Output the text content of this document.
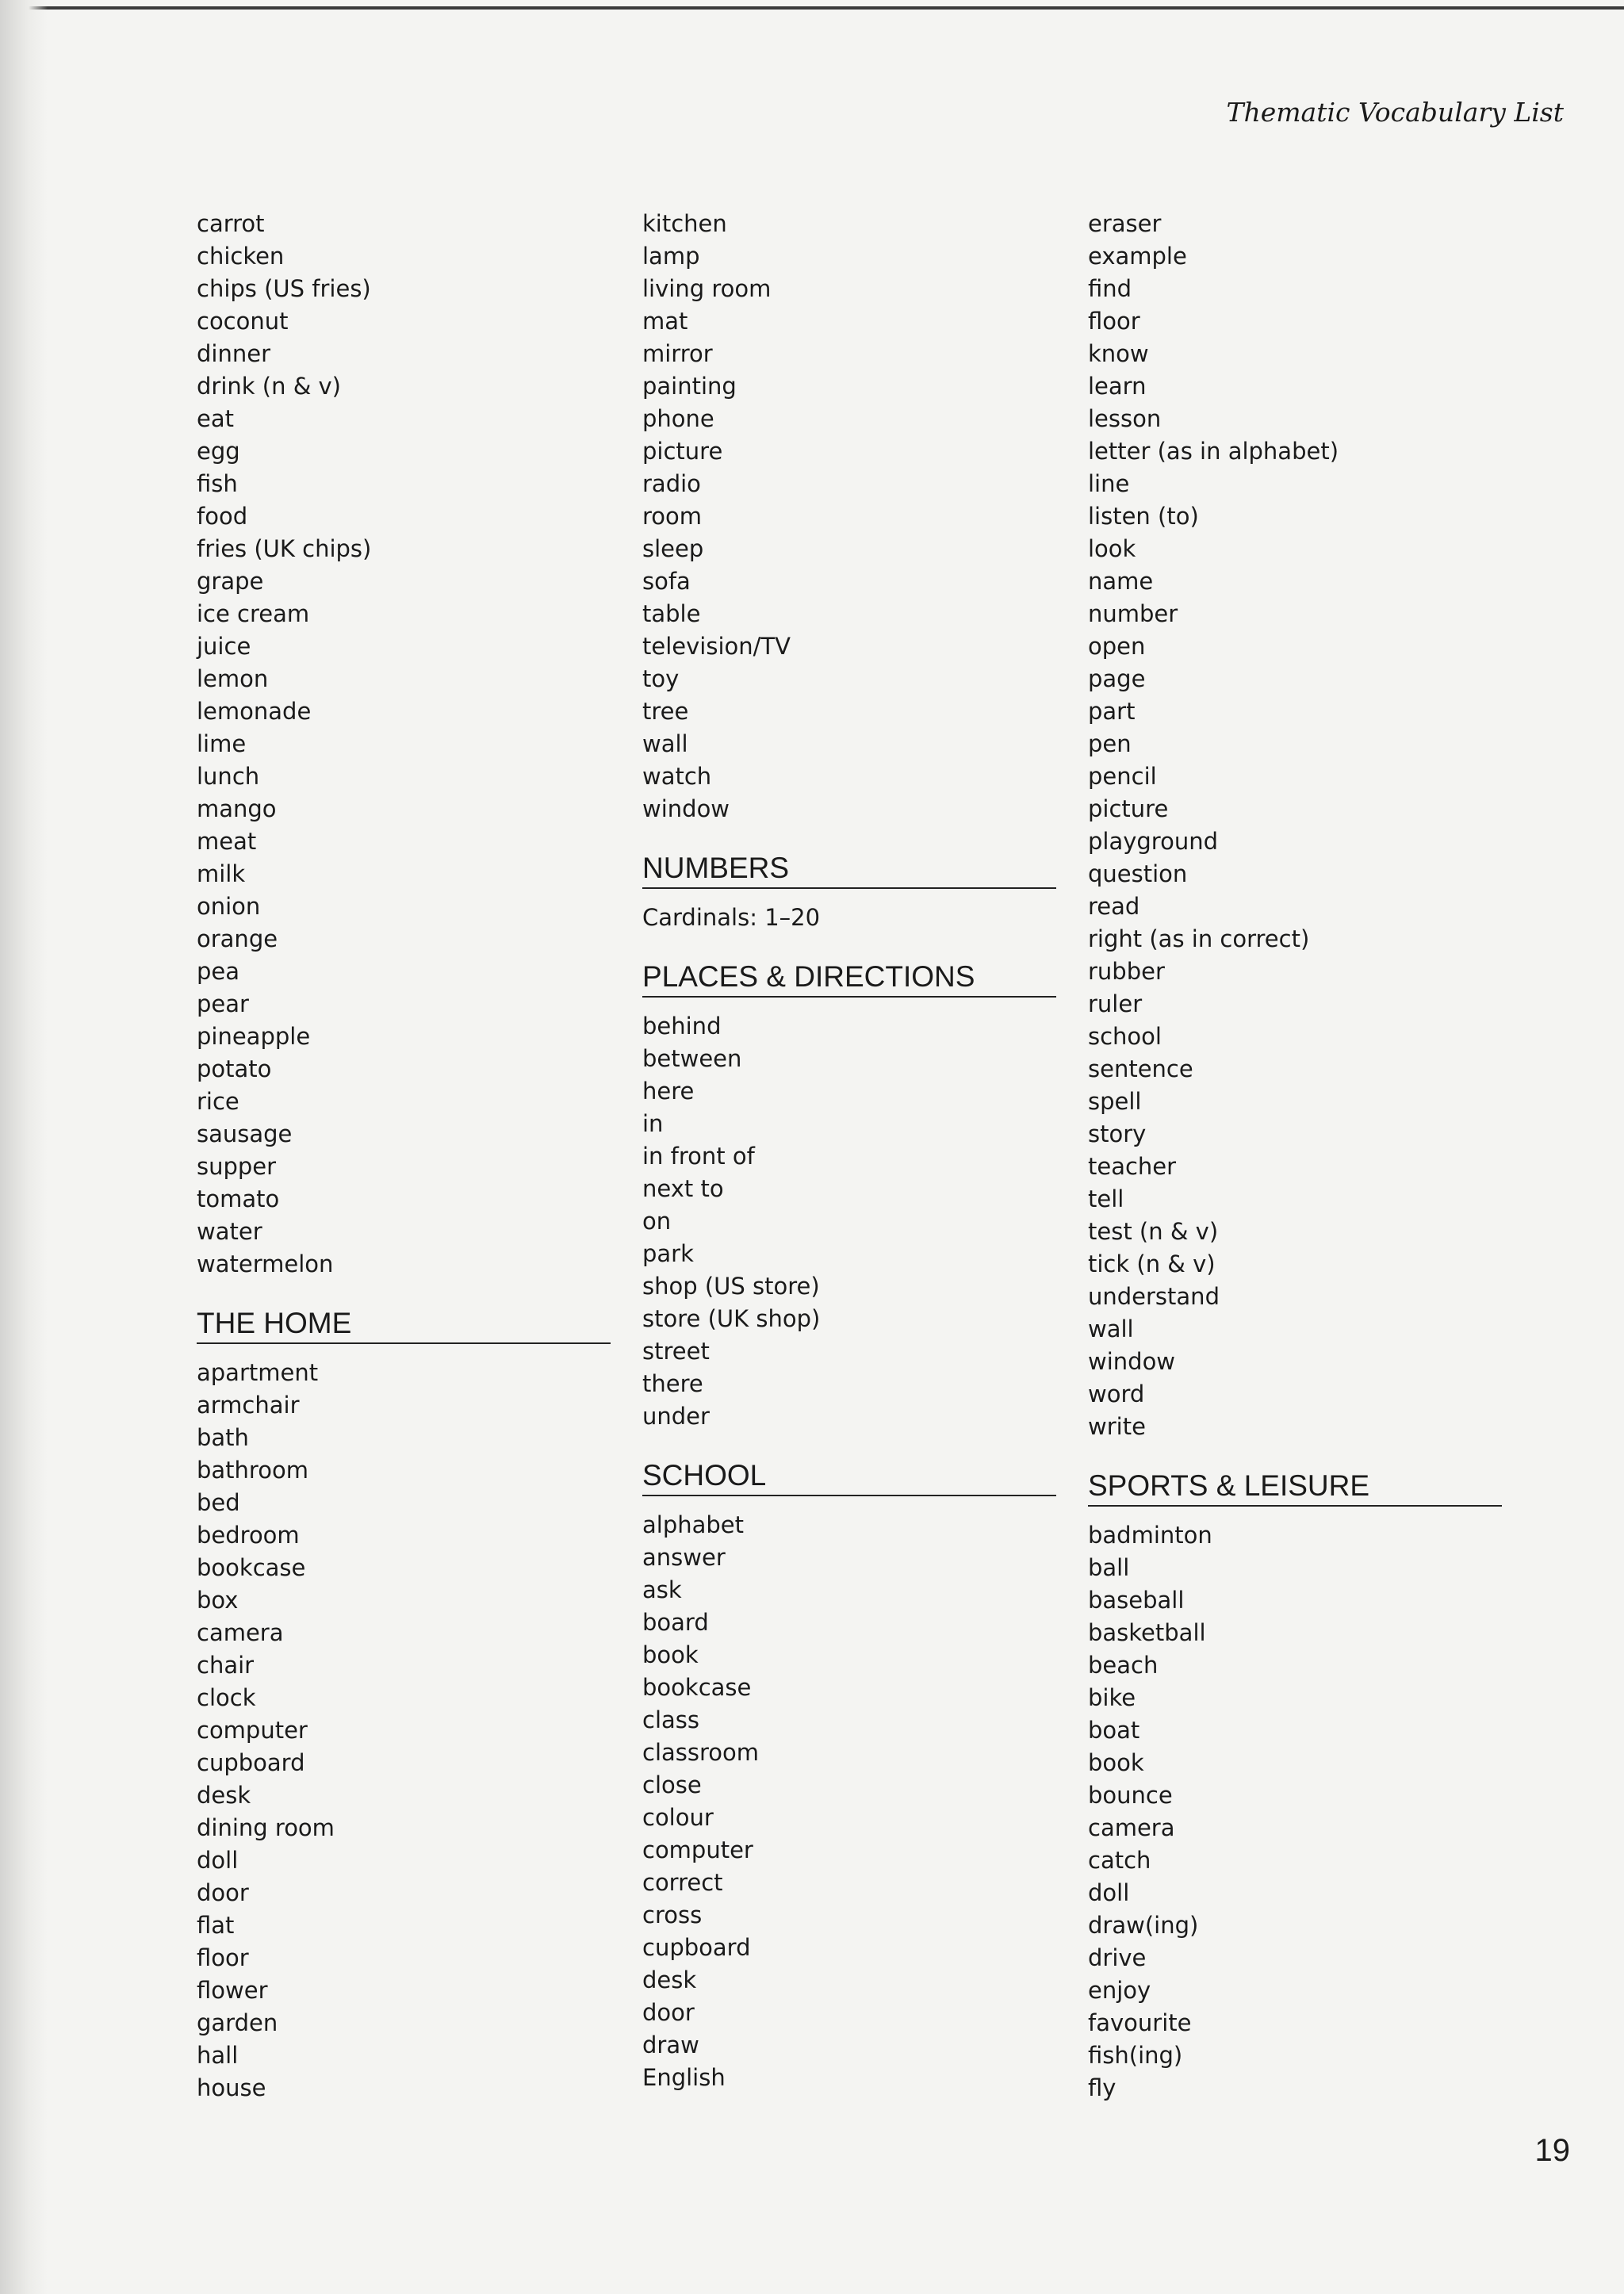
Thematic Vocabulary List
carrot
chicken
chips (US fries)
coconut
dinner
drink (n & v)
eat
egg
fish
food
fries (UK chips)
grape
ice cream
juice
lemon
lemonade
lime
lunch
mango
meat
milk
onion
orange
pea
pear
pineapple
potato
rice
sausage
supper
tomato
water
watermelon
THE HOME
apartment
armchair
bath
bathroom
bed
bedroom
bookcase
box
camera
chair
clock
computer
cupboard
desk
dining room
doll
door
flat
floor
flower
garden
hall
house
kitchen
lamp
living room
mat
mirror
painting
phone
picture
radio
room
sleep
sofa
table
television/TV
toy
tree
wall
watch
window
NUMBERS
Cardinals: 1–20
PLACES & DIRECTIONS
behind
between
here
in
in front of
next to
on
park
shop (US store)
store (UK shop)
street
there
under
SCHOOL
alphabet
answer
ask
board
book
bookcase
class
classroom
close
colour
computer
correct
cross
cupboard
desk
door
draw
English
eraser
example
find
floor
know
learn
lesson
letter (as in alphabet)
line
listen (to)
look
name
number
open
page
part
pen
pencil
picture
playground
question
read
right (as in correct)
rubber
ruler
school
sentence
spell
story
teacher
tell
test (n & v)
tick (n & v)
understand
wall
window
word
write
SPORTS & LEISURE
badminton
ball
baseball
basketball
beach
bike
boat
book
bounce
camera
catch
doll
draw(ing)
drive
enjoy
favourite
fish(ing)
fly
19
